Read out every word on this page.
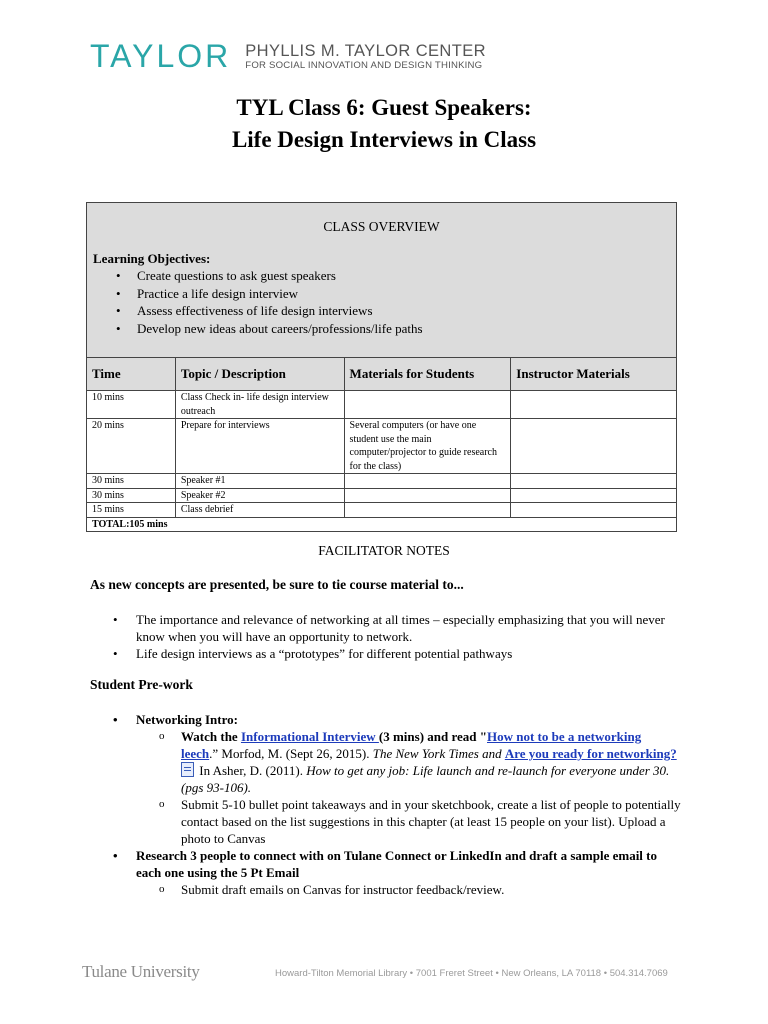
TAYLOR PHYLLIS M. TAYLOR CENTER
FOR SOCIAL INNOVATION AND DESIGN THINKING
TYL Class 6: Guest Speakers:
Life Design Interviews in Class
CLASS OVERVIEW
Learning Objectives:
• Create questions to ask guest speakers
• Practice a life design interview
• Assess effectiveness of life design interviews
• Develop new ideas about careers/professions/life paths
Time	Topic / Description	Materials for Students	Instructor Materials
10 mins	Class Check in- life design interview outreach		
20 mins	Prepare for interviews	Several computers (or have one student use the main computer/projector to guide research for the class)	
30 mins	Speaker #1		
30 mins	Speaker #2		
15 mins	Class debrief		
TOTAL:105 mins			
FACILITATOR NOTES
As new concepts are presented, be sure to tie course material to...
• The importance and relevance of networking at all times – especially emphasizing that you will never know when you will have an opportunity to network.
• Life design interviews as a “prototypes” for different potential pathways
Student Pre-work
• Networking Intro:
o Watch the Informational Interview (3 mins) and read "How not to be a networking leech.” Morfod, M. (Sept 26, 2015). The New York Times and Are you ready for networking? In Asher, D. (2011). How to get any job: Life launch and re-launch for everyone under 30. (pgs 93-106).
o Submit 5-10 bullet point takeaways and in your sketchbook, create a list of people to potentially contact based on the list suggestions in this chapter (at least 15 people on your list). Upload a photo to Canvas
• Research 3 people to connect with on Tulane Connect or LinkedIn and draft a sample email to each one using the 5 Pt Email
o Submit draft emails on Canvas for instructor feedback/review.
Tulane University	Howard-Tilton Memorial Library • 7001 Freret Street • New Orleans, LA 70118 • 504.314.7069
